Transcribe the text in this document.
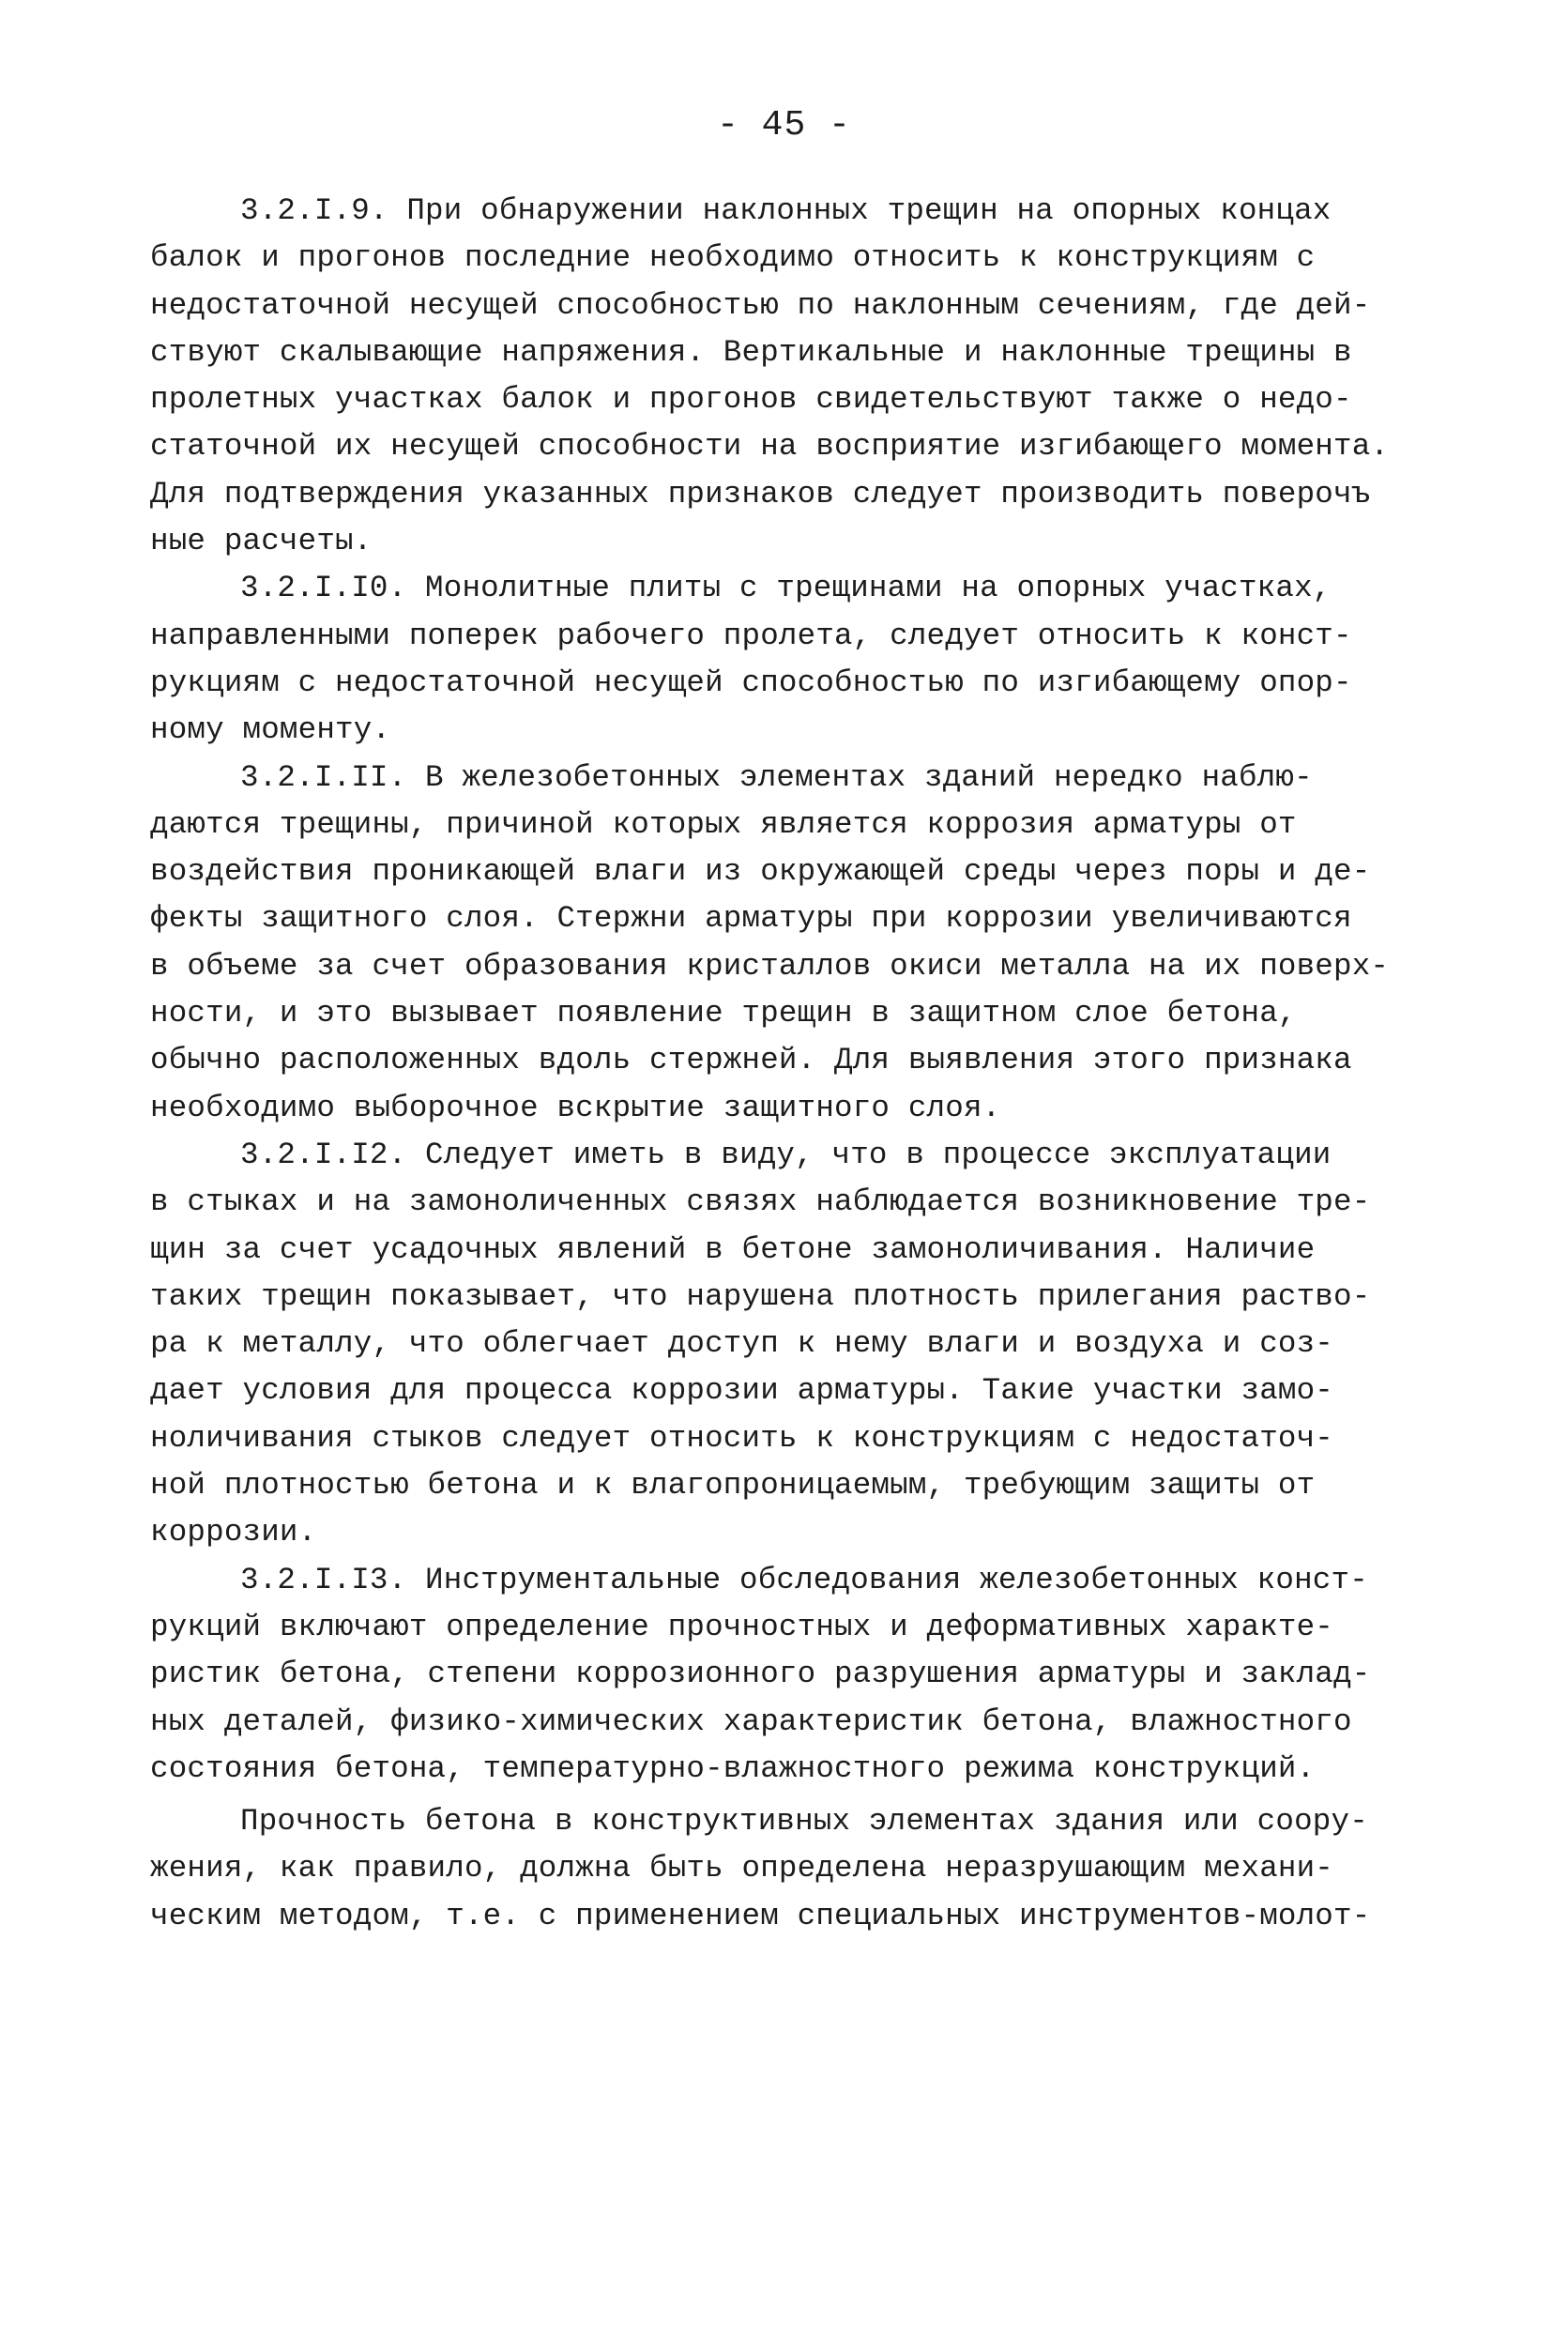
- 45 -
3.2.I.9. При обнаружении наклонных трещин на опорных концах
балок и прогонов последние необходимо относить к конструкциям с
недостаточной несущей способностью по наклонным сечениям, где дей-
ствуют скалывающие напряжения. Вертикальные и наклонные трещины в
пролетных участках балок и прогонов свидетельствуют также о недо-
статочной их несущей способности на восприятие изгибающего момента.
Для подтверждения указанных признаков следует производить поверочъ
ные расчеты.
3.2.I.I0. Монолитные плиты с трещинами на опорных участках,
направленными поперек рабочего пролета, следует относить к конст-
рукциям с недостаточной несущей способностью по изгибающему опор-
ному моменту.
3.2.I.II. В железобетонных элементах зданий нередко наблю-
даются трещины, причиной которых является коррозия арматуры от
воздействия проникающей влаги из окружающей среды через поры и де-
фекты защитного слоя. Стержни арматуры при коррозии увеличиваются
в объеме за счет образования кристаллов окиси металла на их поверх-
ности, и это вызывает появление трещин в защитном слое бетона,
обычно расположенных вдоль стержней. Для выявления этого признака
необходимо выборочное вскрытие защитного слоя.
3.2.I.I2. Следует иметь в виду, что в процессе эксплуатации
в стыках и на замоноличенных связях наблюдается возникновение тре-
щин за счет усадочных явлений в бетоне замоноличивания. Наличие
таких трещин показывает, что нарушена плотность прилегания раство-
ра к металлу, что облегчает доступ к нему влаги и воздуха и соз-
дает условия для процесса коррозии арматуры. Такие участки замо-
ноличивания стыков следует относить к конструкциям с недостаточ-
ной плотностью бетона и к влагопроницаемым, требующим защиты от
коррозии.
3.2.I.I3. Инструментальные обследования железобетонных конст-
рукций включают определение прочностных и деформативных характе-
ристик бетона, степени коррозионного разрушения арматуры и заклад-
ных деталей, физико-химических характеристик бетона, влажностного
состояния бетона, температурно-влажностного режима конструкций.
Прочность бетона в конструктивных элементах здания или соору-
жения, как правило, должна быть определена неразрушающим механи-
ческим методом, т.е. с применением специальных инструментов-молот-
